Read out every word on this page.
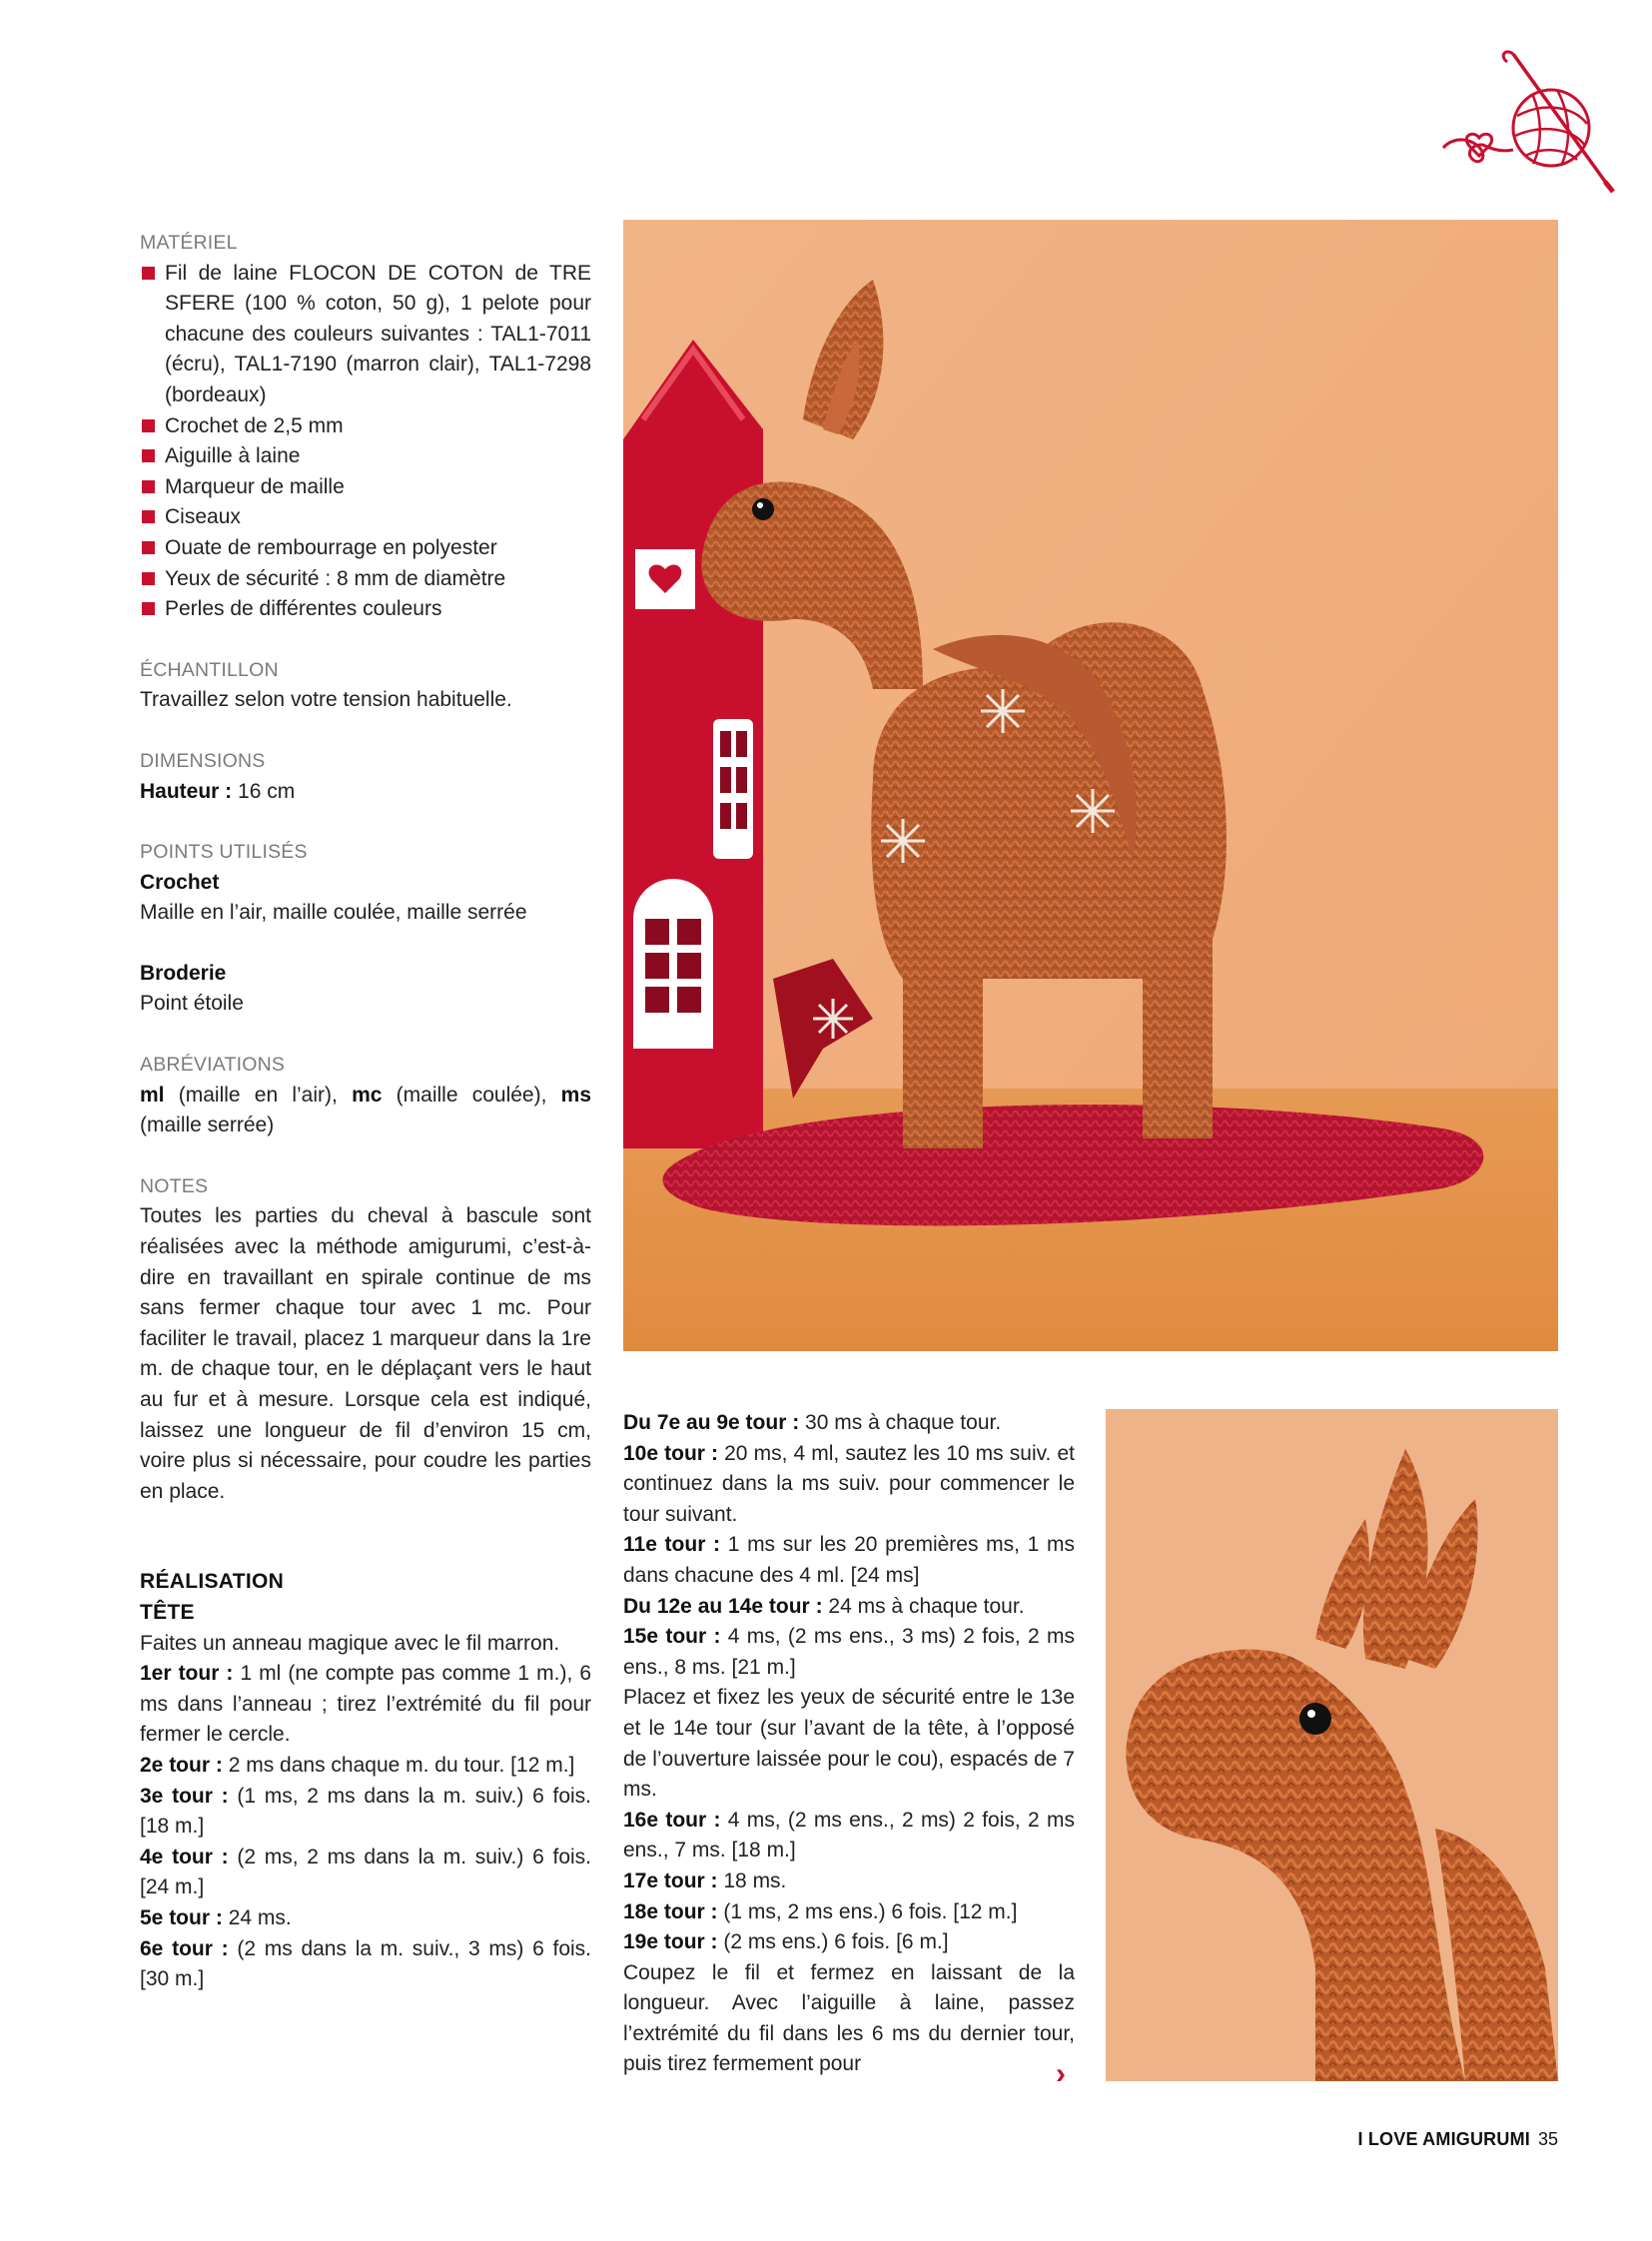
MATÉRIEL
Fil de laine FLOCON DE COTON de TRE SFERE (100 % coton, 50 g), 1 pelote pour chacune des couleurs suivantes : TAL1-7011 (écru), TAL1-7190 (marron clair), TAL1-7298 (bordeaux)
Crochet de 2,5 mm
Aiguille à laine
Marqueur de maille
Ciseaux
Ouate de rembourrage en polyester
Yeux de sécurité : 8 mm de diamètre
Perles de différentes couleurs
ÉCHANTILLON
Travaillez selon votre tension habituelle.
DIMENSIONS
Hauteur : 16 cm
POINTS UTILISÉS
Crochet
Maille en l’air, maille coulée, maille serrée
Broderie
Point étoile
ABRÉVIATIONS
ml (maille en l’air), mc (maille coulée), ms (maille serrée)
NOTES
Toutes les parties du cheval à bascule sont réalisées avec la méthode amigurumi, c’est-à-dire en travaillant en spirale continue de ms sans fermer chaque tour avec 1 mc. Pour faciliter le travail, placez 1 marqueur dans la 1re m. de chaque tour, en le déplaçant vers le haut au fur et à mesure. Lorsque cela est indiqué, laissez une longueur de fil d’environ 15 cm, voire plus si nécessaire, pour coudre les parties en place.
RÉALISATION
TÊTE
Faites un anneau magique avec le fil marron.
1er tour : 1 ml (ne compte pas comme 1 m.), 6 ms dans l’anneau ; tirez l’extrémité du fil pour fermer le cercle.
2e tour : 2 ms dans chaque m. du tour. [12 m.]
3e tour : (1 ms, 2 ms dans la m. suiv.) 6 fois. [18 m.]
4e tour : (2 ms, 2 ms dans la m. suiv.) 6 fois. [24 m.]
5e tour : 24 ms.
6e tour : (2 ms dans la m. suiv., 3 ms) 6 fois. [30 m.]
Du 7e au 9e tour : 30 ms à chaque tour.
10e tour : 20 ms, 4 ml, sautez les 10 ms suiv. et continuez dans la ms suiv. pour commencer le tour suivant.
11e tour : 1 ms sur les 20 premières ms, 1 ms dans chacune des 4 ml. [24 ms]
Du 12e au 14e tour : 24 ms à chaque tour.
15e tour : 4 ms, (2 ms ens., 3 ms) 2 fois, 2 ms ens., 8 ms. [21 m.]
Placez et fixez les yeux de sécurité entre le 13e et le 14e tour (sur l’avant de la tête, à l’opposé de l’ouverture laissée pour le cou), espacés de 7 ms.
16e tour : 4 ms, (2 ms ens., 2 ms) 2 fois, 2 ms ens., 7 ms. [18 m.]
17e tour : 18 ms.
18e tour : (1 ms, 2 ms ens.) 6 fois. [12 m.]
19e tour : (2 ms ens.) 6 fois. [6 m.]
Coupez le fil et fermez en laissant de la longueur. Avec l’aiguille à laine, passez l’extrémité du fil dans les 6 ms du dernier tour, puis tirez fermement pour	›
I LOVE AMIGURUMI 35
